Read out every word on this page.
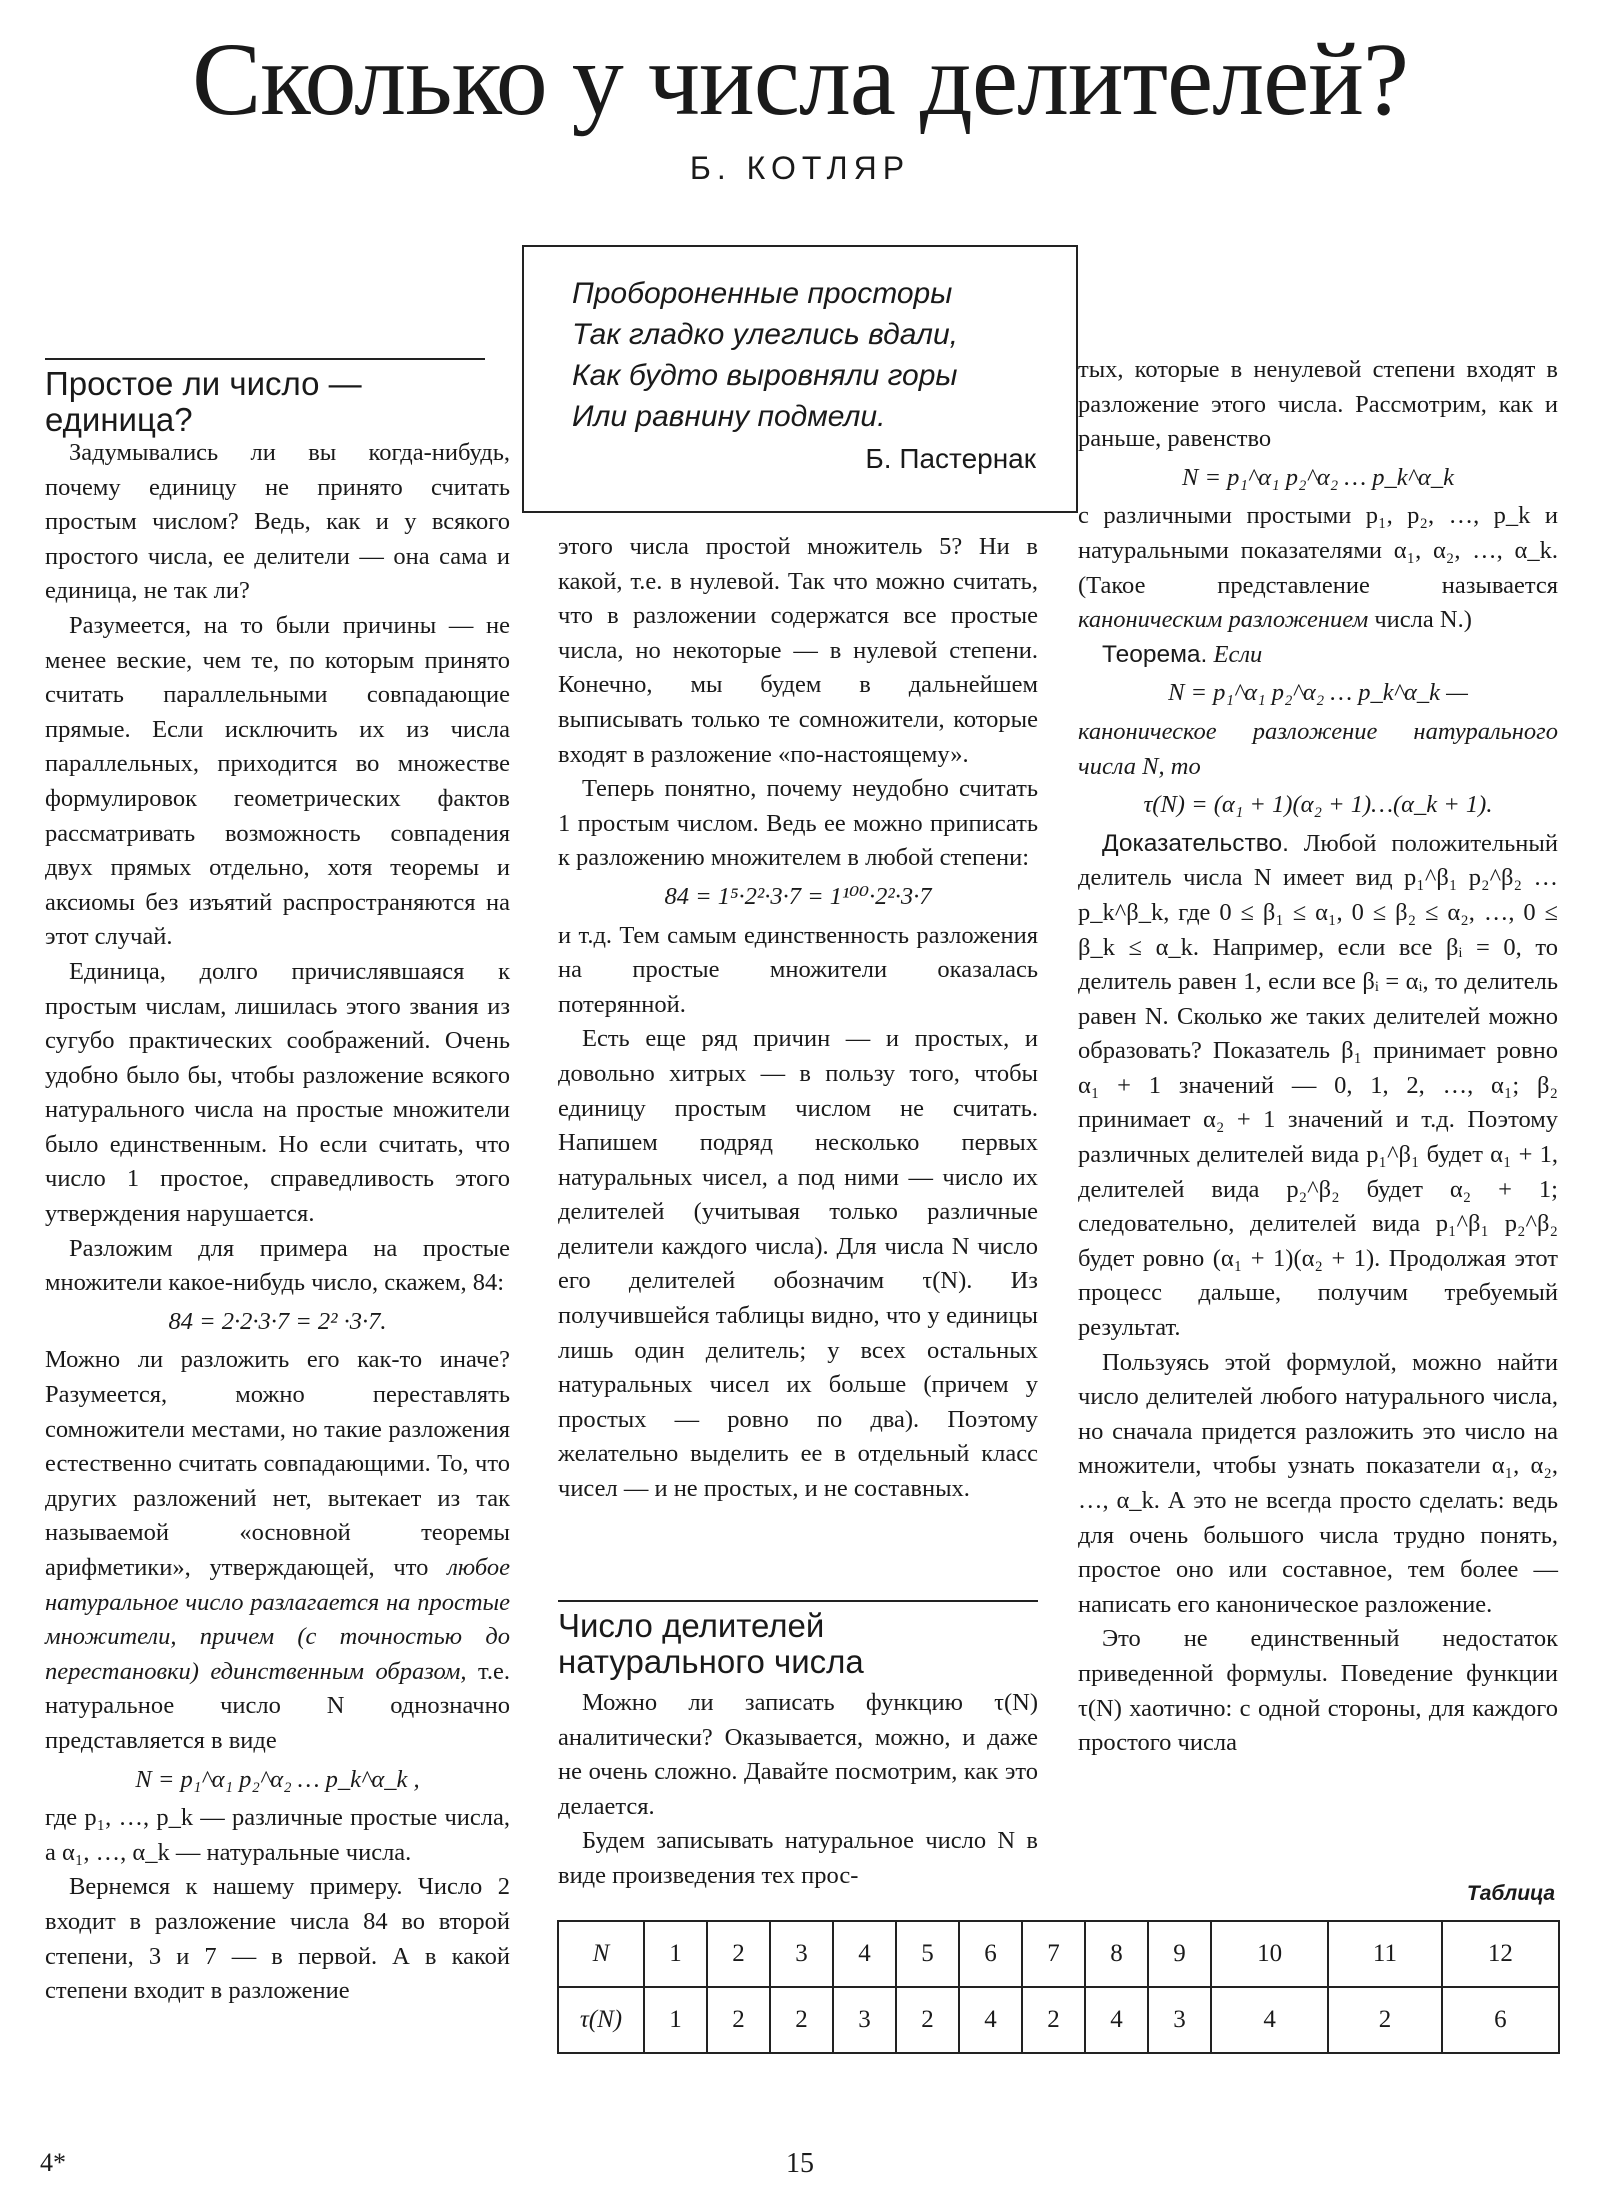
Сколько у числа делителей?
Б. КОТЛЯР
Пробороненные просторы
Так гладко улеглись вдали,
Как будто выровняли горы
Или равнину подмели.
Б. Пастернак
Простое ли число —
единица?

Задумывались ли вы когда-нибудь, почему единицу не принято считать простым числом? Ведь, как и у всякого простого числа, ее делители — она сама и единица, не так ли?

Разумеется, на то были причины — не менее веские, чем те, по которым принято считать параллельными совпадающие прямые. Если исключить их из числа параллельных, приходится во множестве формулировок геометрических фактов рассматривать возможность совпадения двух прямых отдельно, хотя теоремы и аксиомы без изъятий распространяются на этот случай.

Единица, долго причислявшаяся к простым числам, лишилась этого звания из сугубо практических соображений. Очень удобно было бы, чтобы разложение всякого натурального числа на простые множители было единственным. Но если считать, что число 1 простое, справедливость этого утверждения нарушается.

Разложим для примера на простые множители какое-нибудь число, скажем, 84:

84 = 2·2·3·7 = 2² ·3·7.

Можно ли разложить его как-то иначе? Разумеется, можно переставлять сомножители местами, но такие разложения естественно считать совпадающими. То, что других разложений нет, вытекает из так называемой «основной теоремы арифметики», утверждающей, что любое натуральное число разлагается на простые множители, причем (с точностью до перестановки) единственным образом, т.е. натуральное число N однозначно представляется в виде

N = p₁^α₁ p₂^α₂ … p_k^α_k ,

где p₁, …, p_k — различные простые числа, а α₁, …, α_k — натуральные числа.

Вернемся к нашему примеру. Число 2 входит в разложение числа 84 во второй степени, 3 и 7 — в первой. А в какой степени входит в разложение

этого числа простой множитель 5? Ни в какой, т.е. в нулевой. Так что можно считать, что в разложении содержатся все простые числа, но некоторые — в нулевой степени. Конечно, мы будем в дальнейшем выписывать только те сомножители, которые входят в разложение «по-настоящему».

Теперь понятно, почему неудобно считать 1 простым числом. Ведь ее можно приписать к разложению множителем в любой степени:

84 = 1⁵·2²·3·7 = 1¹⁰⁰·2²·3·7

и т.д. Тем самым единственность разложения на простые множители оказалась потерянной.

Есть еще ряд причин — и простых, и довольно хитрых — в пользу того, чтобы единицу простым числом не считать. Напишем подряд несколько первых натуральных чисел, а под ними — число их делителей (учитывая только различные делители каждого числа). Для числа N число его делителей обозначим τ(N). Из получившейся таблицы видно, что у единицы лишь один делитель; у всех остальных натуральных чисел их больше (причем у простых — ровно по два). Поэтому желательно выделить ее в отдельный класс чисел — и не простых, и не составных.

Число делителей
натурального числа

Можно ли записать функцию τ(N) аналитически? Оказывается, можно, и даже не очень сложно. Давайте посмотрим, как это делается.

Будем записывать натуральное число N в виде произведения тех прос-

тых, которые в ненулевой степени входят в разложение этого числа. Рассмотрим, как и раньше, равенство

N = p₁^α₁ p₂^α₂ … p_k^α_k

с различными простыми p₁, p₂, …, p_k и натуральными показателями α₁, α₂, …, α_k. (Такое представление называется каноническим разложением числа N.)

Теорема. Если

N = p₁^α₁ p₂^α₂ … p_k^α_k —

каноническое разложение натурального числа N, то

τ(N) = (α₁ + 1)(α₂ + 1)…(α_k + 1).

Доказательство. Любой положительный делитель числа N имеет вид p₁^β₁ p₂^β₂ … p_k^β_k, где 0 ≤ β₁ ≤ α₁, 0 ≤ β₂ ≤ α₂, …, 0 ≤ β_k ≤ α_k. Например, если все βᵢ = 0, то делитель равен 1, если все βᵢ = αᵢ, то делитель равен N. Сколько же таких делителей можно образовать? Показатель β₁ принимает ровно α₁ + 1 значений — 0, 1, 2, …, α₁; β₂ принимает α₂ + 1 значений и т.д. Поэтому различных делителей вида p₁^β₁ будет α₁ + 1, делителей вида p₂^β₂ будет α₂ + 1; следовательно, делителей вида p₁^β₁ p₂^β₂ будет ровно (α₁ + 1)(α₂ + 1). Продолжая этот процесс дальше, получим требуемый результат.

Пользуясь этой формулой, можно найти число делителей любого натурального числа, но сначала придется разложить это число на множители, чтобы узнать показатели α₁, α₂, …, α_k. А это не всегда просто сделать: ведь для очень большого числа трудно понять, простое оно или составное, тем более — написать его каноническое разложение.

Это не единственный недостаток приведенной формулы. Поведение функции τ(N) хаотично: с одной стороны, для каждого простого числа

Таблица
N	1	2	3	4	5	6	7	8	9	10	11	12
τ(N)	1	2	2	3	2	4	2	4	3	4	2	6
4*	15
